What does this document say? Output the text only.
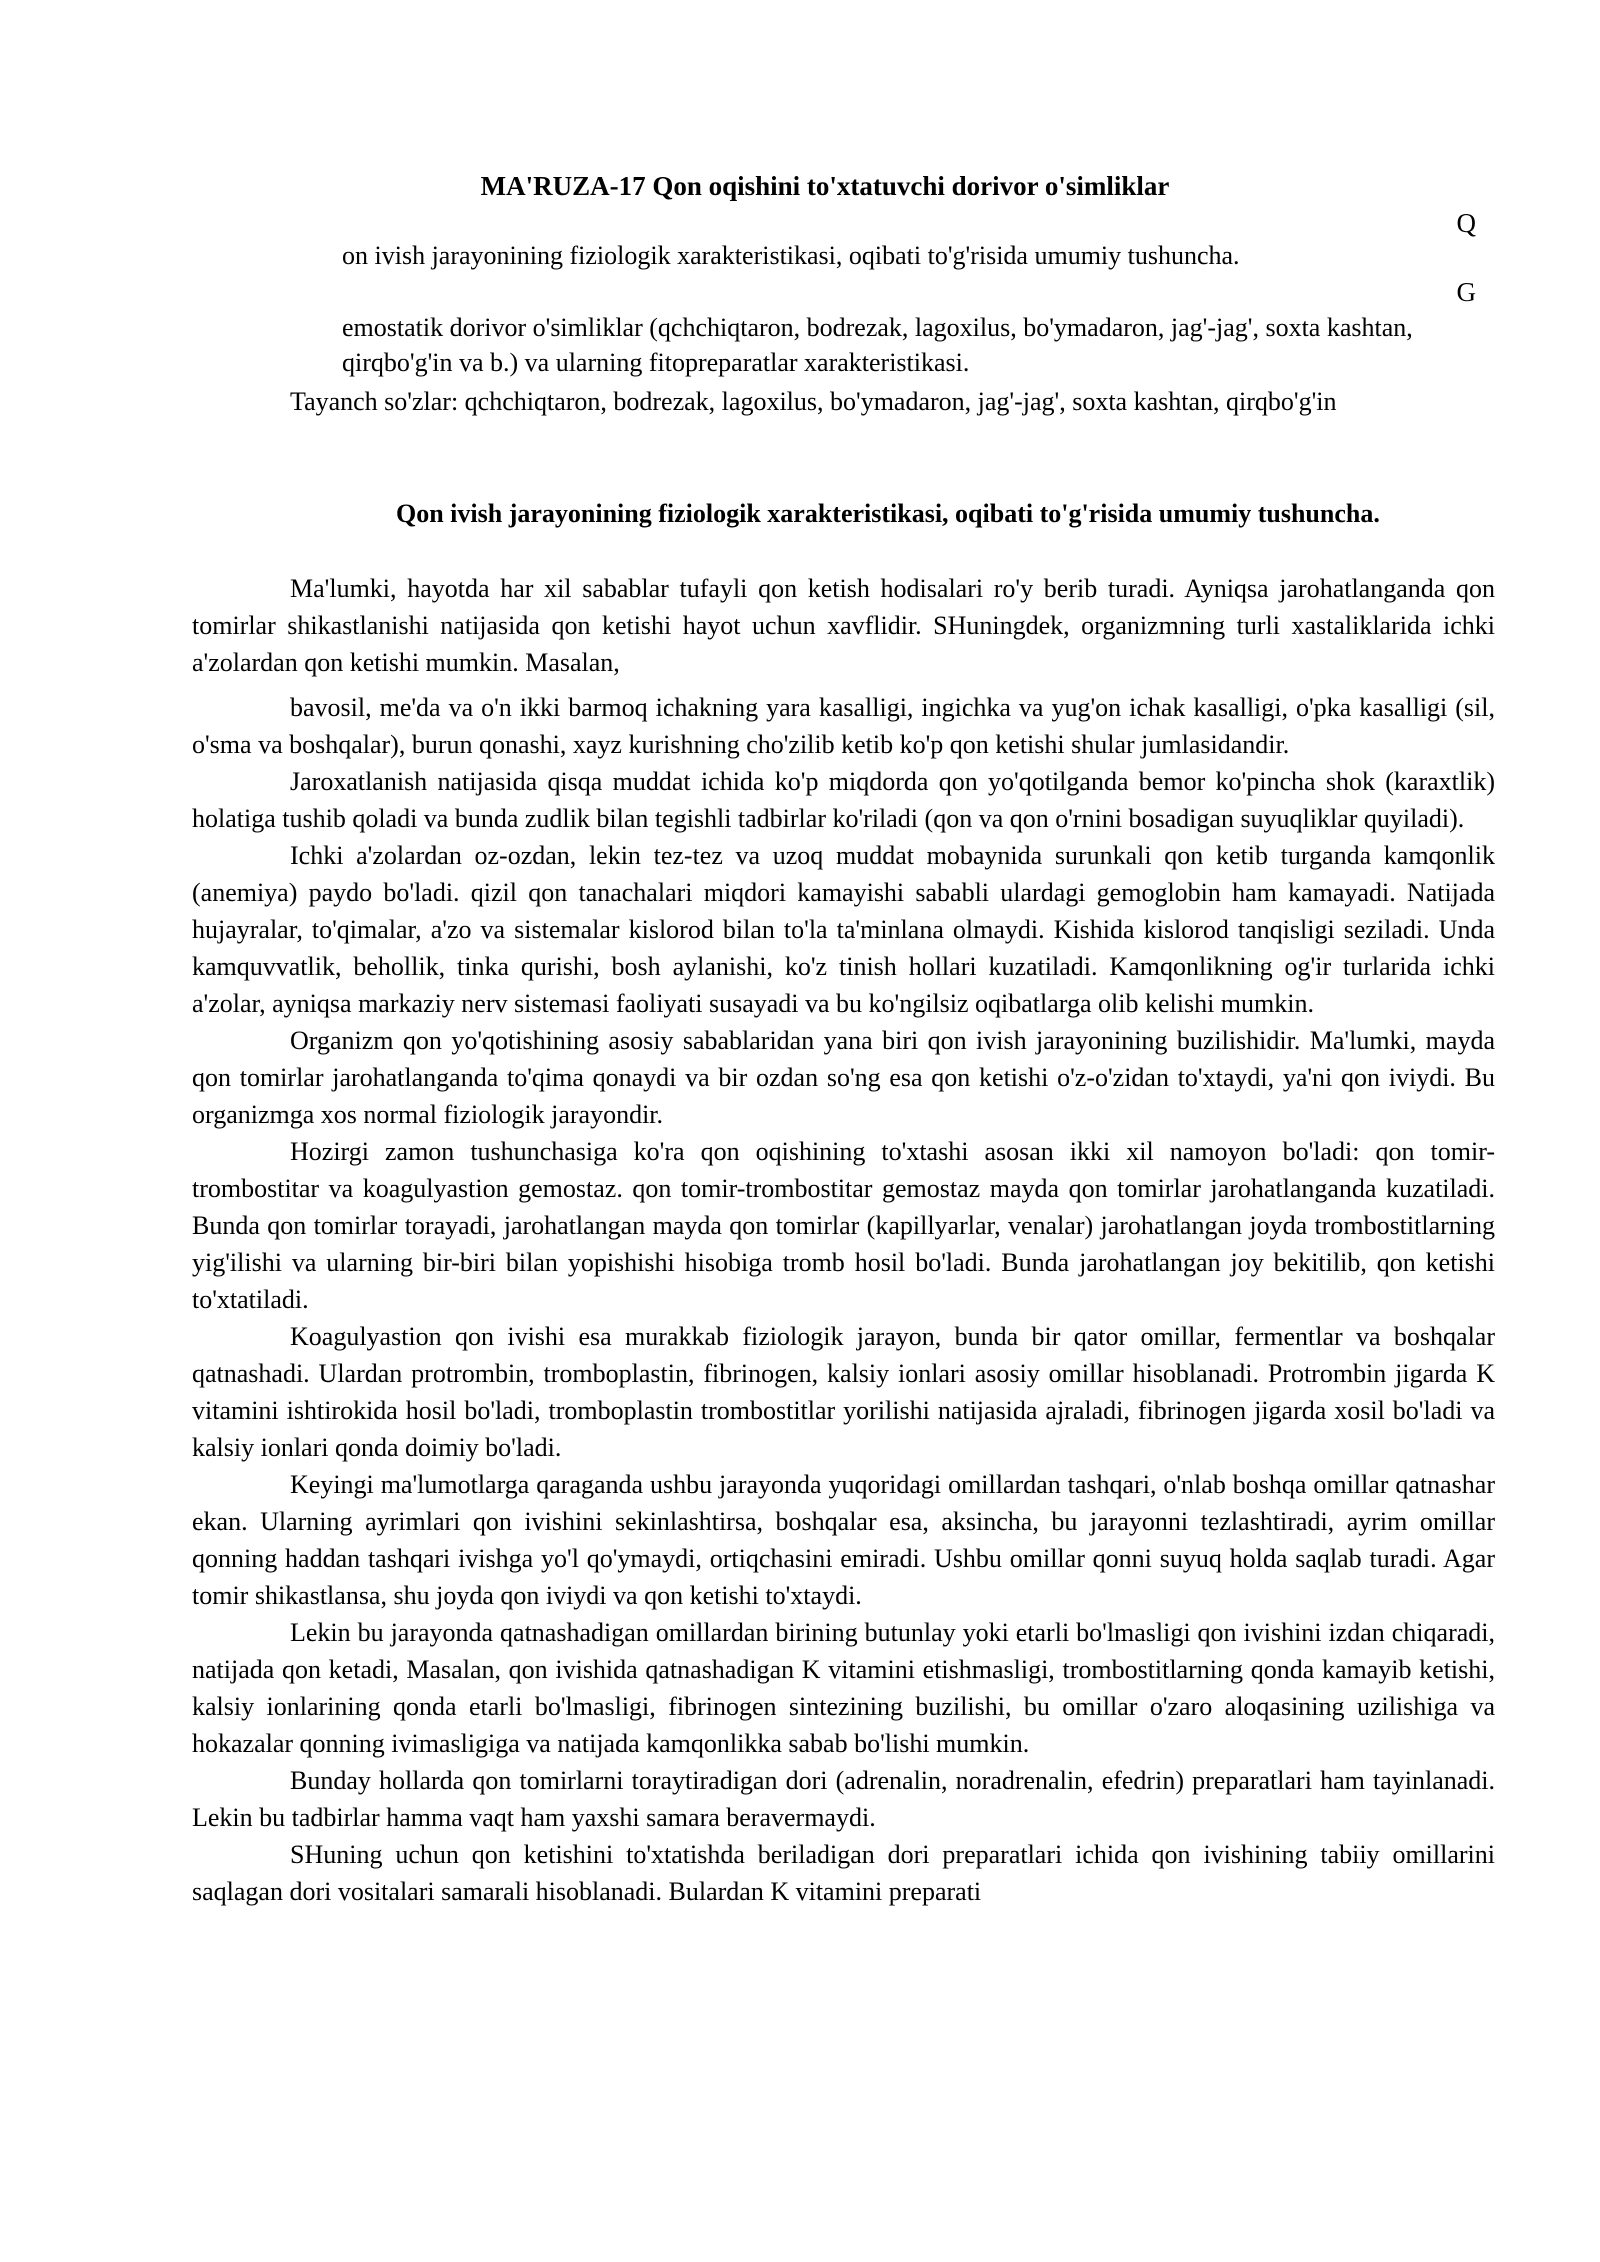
MA'RUZA-17 Qon oqishini to'xtatuvchi dorivor o'simliklar
Q
on ivish jarayonining fiziologik xarakteristikasi, oqibati to'g'risida umumiy tushuncha.
G
emostatik dorivor o'simliklar (qchchiqtaron, bodrezak, lagoxilus, bo'ymadaron, jag'-jag', soxta kashtan, qirqbo'g'in va b.) va ularning fitopreparatlar xarakteristikasi.
Tayanch so'zlar: qchchiqtaron, bodrezak, lagoxilus, bo'ymadaron, jag'-jag', soxta kashtan, qirqbo'g'in
Qon ivish jarayonining fiziologik xarakteristikasi, oqibati to'g'risida umumiy tushuncha.

Ma'lumki, hayotda har xil sabablar tufayli qon ketish hodisalari ro'y berib turadi. Ayniqsa jarohatlanganda qon tomirlar shikastlanishi natijasida qon ketishi hayot uchun xavflidir. SHuningdek, organizmning turli xastaliklarida ichki a'zolardan qon ketishi mumkin. Masalan,

bavosil, me'da va o'n ikki barmoq ichakning yara kasalligi, ingichka va yug'on ichak kasalligi, o'pka kasalligi (sil, o'sma va boshqalar), burun qonashi, xayz kurishning cho'zilib ketib ko'p qon ketishi shular jumlasidandir.

Jaroxatlanish natijasida qisqa muddat ichida ko'p miqdorda qon yo'qotilganda bemor ko'pincha shok (karaxtlik) holatiga tushib qoladi va bunda zudlik bilan tegishli tadbirlar ko'riladi (qon va qon o'rnini bosadigan suyuqliklar quyiladi).

Ichki a'zolardan oz-ozdan, lekin tez-tez va uzoq muddat mobaynida surunkali qon ketib turganda kamqonlik (anemiya) paydo bo'ladi. qizil qon tanachalari miqdori kamayishi sababli ulardagi gemoglobin ham kamayadi. Natijada hujayralar, to'qimalar, a'zo va sistemalar kislorod bilan to'la ta'minlana olmaydi. Kishida kislorod tanqisligi seziladi. Unda kamquvvatlik, behollik, tinka qurishi, bosh aylanishi, ko'z tinish hollari kuzatiladi. Kamqonlikning og'ir turlarida ichki a'zolar, ayniqsa markaziy nerv sistemasi faoliyati susayadi va bu ko'ngilsiz oqibatlarga olib kelishi mumkin.

Organizm qon yo'qotishining asosiy sabablaridan yana biri qon ivish jarayonining buzilishidir. Ma'lumki, mayda qon tomirlar jarohatlanganda to'qima qonaydi va bir ozdan so'ng esa qon ketishi o'z-o'zidan to'xtaydi, ya'ni qon iviydi. Bu organizmga xos normal fiziologik jarayondir.

Hozirgi zamon tushunchasiga ko'ra qon oqishining to'xtashi asosan ikki xil namoyon bo'ladi: qon tomir-trombostitar va koagulyastion gemostaz. qon tomir-trombostitar gemostaz mayda qon tomirlar jarohatlanganda kuzatiladi. Bunda qon tomirlar torayadi, jarohatlangan mayda qon tomirlar (kapillyarlar, venalar) jarohatlangan joyda trombostitlarning yig'ilishi va ularning bir-biri bilan yopishishi hisobiga tromb hosil bo'ladi. Bunda jarohatlangan joy bekitilib, qon ketishi to'xtatiladi.

Koagulyastion qon ivishi esa murakkab fiziologik jarayon, bunda bir qator omillar, fermentlar va boshqalar qatnashadi. Ulardan protrombin, tromboplastin, fibrinogen, kalsiy ionlari asosiy omillar hisoblanadi. Protrombin jigarda K vitamini ishtirokida hosil bo'ladi, tromboplastin trombostitlar yorilishi natijasida ajraladi, fibrinogen jigarda xosil bo'ladi va kalsiy ionlari qonda doimiy bo'ladi.

Keyingi ma'lumotlarga qaraganda ushbu jarayonda yuqoridagi omillardan tashqari, o'nlab boshqa omillar qatnashar ekan. Ularning ayrimlari qon ivishini sekinlashtirsa, boshqalar esa, aksincha, bu jarayonni tezlashtiradi, ayrim omillar qonning haddan tashqari ivishga yo'l qo'ymaydi, ortiqchasini emiradi. Ushbu omillar qonni suyuq holda saqlab turadi. Agar tomir shikastlansa, shu joyda qon iviydi va qon ketishi to'xtaydi.

Lekin bu jarayonda qatnashadigan omillardan birining butunlay yoki etarli bo'lmasligi qon ivishini izdan chiqaradi, natijada qon ketadi, Masalan, qon ivishida qatnashadigan K vitamini etishmasligi, trombostitlarning qonda kamayib ketishi, kalsiy ionlarining qonda etarli bo'lmasligi, fibrinogen sintezining buzilishi, bu omillar o'zaro aloqasining uzilishiga va hokazalar qonning ivimasligiga va natijada kamqonlikka sabab bo'lishi mumkin.

Bunday hollarda qon tomirlarni toraytiradigan dori (adrenalin, noradrenalin, efedrin) preparatlari ham tayinlanadi. Lekin bu tadbirlar hamma vaqt ham yaxshi samara beravermaydi.

SHuning uchun qon ketishini to'xtatishda beriladigan dori preparatlari ichida qon ivishining tabiiy omillarini saqlagan dori vositalari samarali hisoblanadi. Bulardan K vitamini preparati
